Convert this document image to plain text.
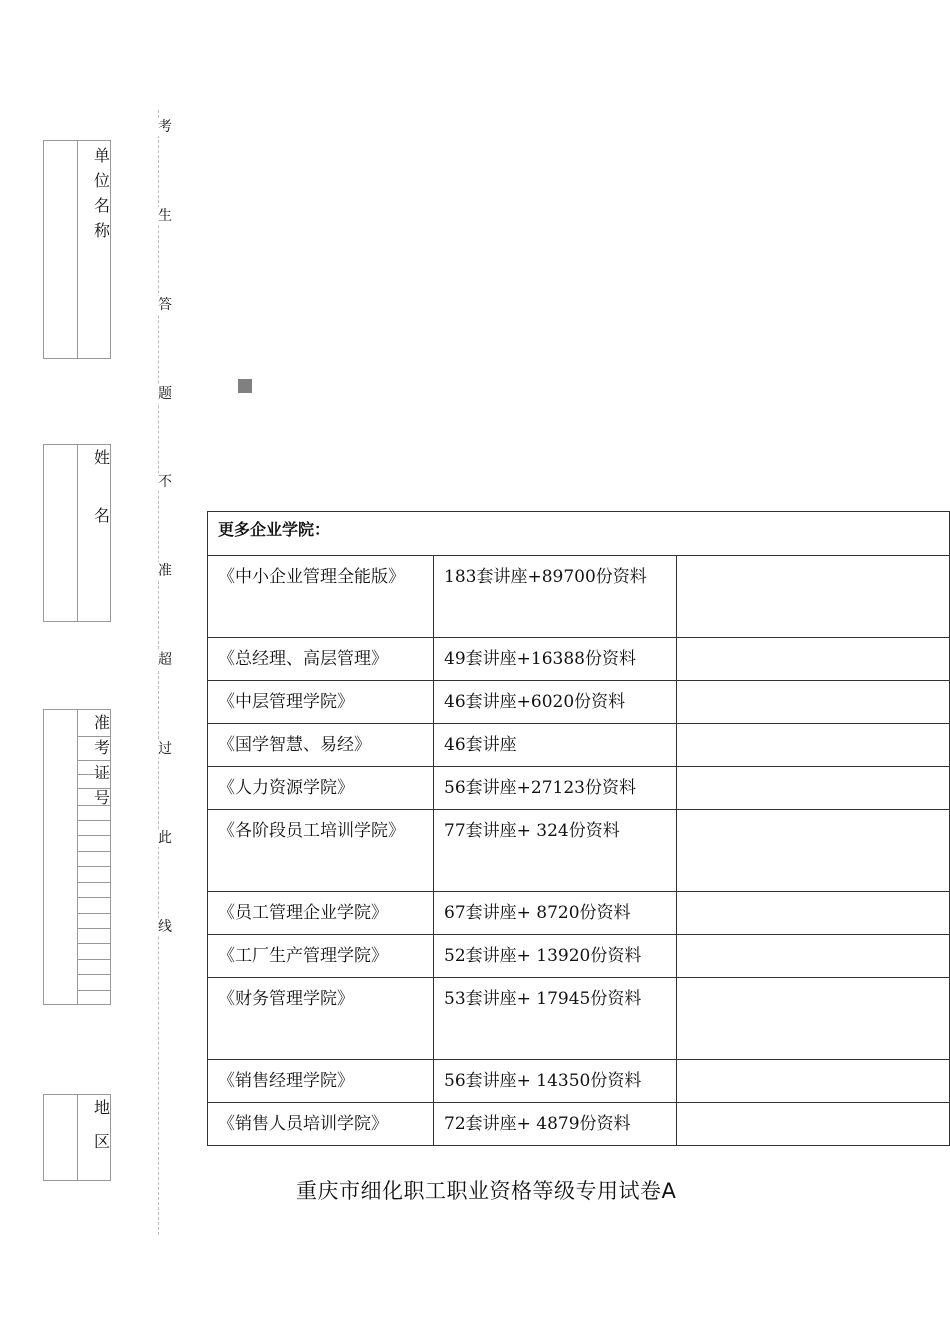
单
位
名
称
姓
名
准
考
证
号
地
区
考
生
答
题
不
准
超
过
此
线
更多企业学院：		
《中小企业管理全能版》	183套讲座+89700份资料	
《总经理、高层管理》	49套讲座+16388份资料	
《中层管理学院》	46套讲座+6020份资料	
《国学智慧、易经》	46套讲座	
《人力资源学院》	56套讲座+27123份资料	
《各阶段员工培训学院》	77套讲座+ 324份资料	
《员工管理企业学院》	67套讲座+ 8720份资料	
《工厂生产管理学院》	52套讲座+ 13920份资料	
《财务管理学院》	53套讲座+ 17945份资料	
《销售经理学院》	56套讲座+ 14350份资料	
《销售人员培训学院》	72套讲座+ 4879份资料	
重庆市细化职工职业资格等级专用试卷A
